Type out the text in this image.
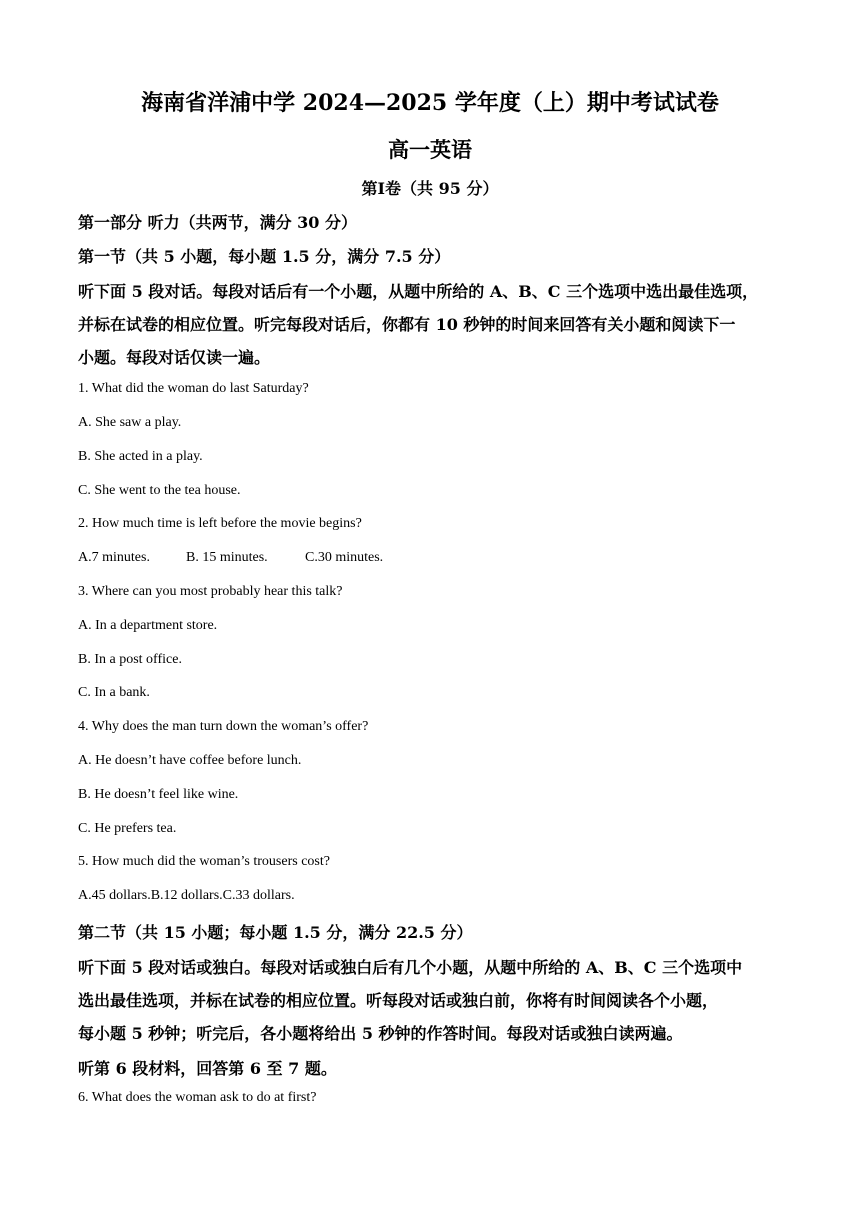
海南省洋浦中学 2024—2025 学年度（上）期中考试试卷
高一英语
第Ⅰ卷（共 95 分）
第一部分 听力（共两节，满分 30 分）
第一节（共 5 小题，每小题 1.5 分，满分 7.5 分）
听下面 5 段对话。每段对话后有一个小题，从题中所给的 A、B、C 三个选项中选出最佳选项，
并标在试卷的相应位置。听完每段对话后，你都有 10 秒钟的时间来回答有关小题和阅读下一
小题。每段对话仅读一遍。
1. What did the woman do last Saturday?
A. She saw a play.
B. She acted in a play.
C. She went to the tea house.
2. How much time is left before the movie begins?
A.7 minutes.	B. 15 minutes.	C.30 minutes.
3. Where can you most probably hear this talk?
A. In a department store.
B. In a post office.
C. In a bank.
4. Why does the man turn down the woman’s offer?
A. He doesn’t have coffee before lunch.
B. He doesn’t feel like wine.
C. He prefers tea.
5. How much did the woman’s trousers cost?
A.45 dollars.B.12 dollars.C.33 dollars.
第二节（共 15 小题；每小题 1.5 分，满分 22.5 分）
听下面 5 段对话或独白。每段对话或独白后有几个小题，从题中所给的 A、B、C 三个选项中
选出最佳选项，并标在试卷的相应位置。听每段对话或独白前，你将有时间阅读各个小题，
每小题 5 秒钟；听完后，各小题将给出 5 秒钟的作答时间。每段对话或独白读两遍。
听第 6 段材料，回答第 6 至 7 题。
6. What does the woman ask to do at first?
